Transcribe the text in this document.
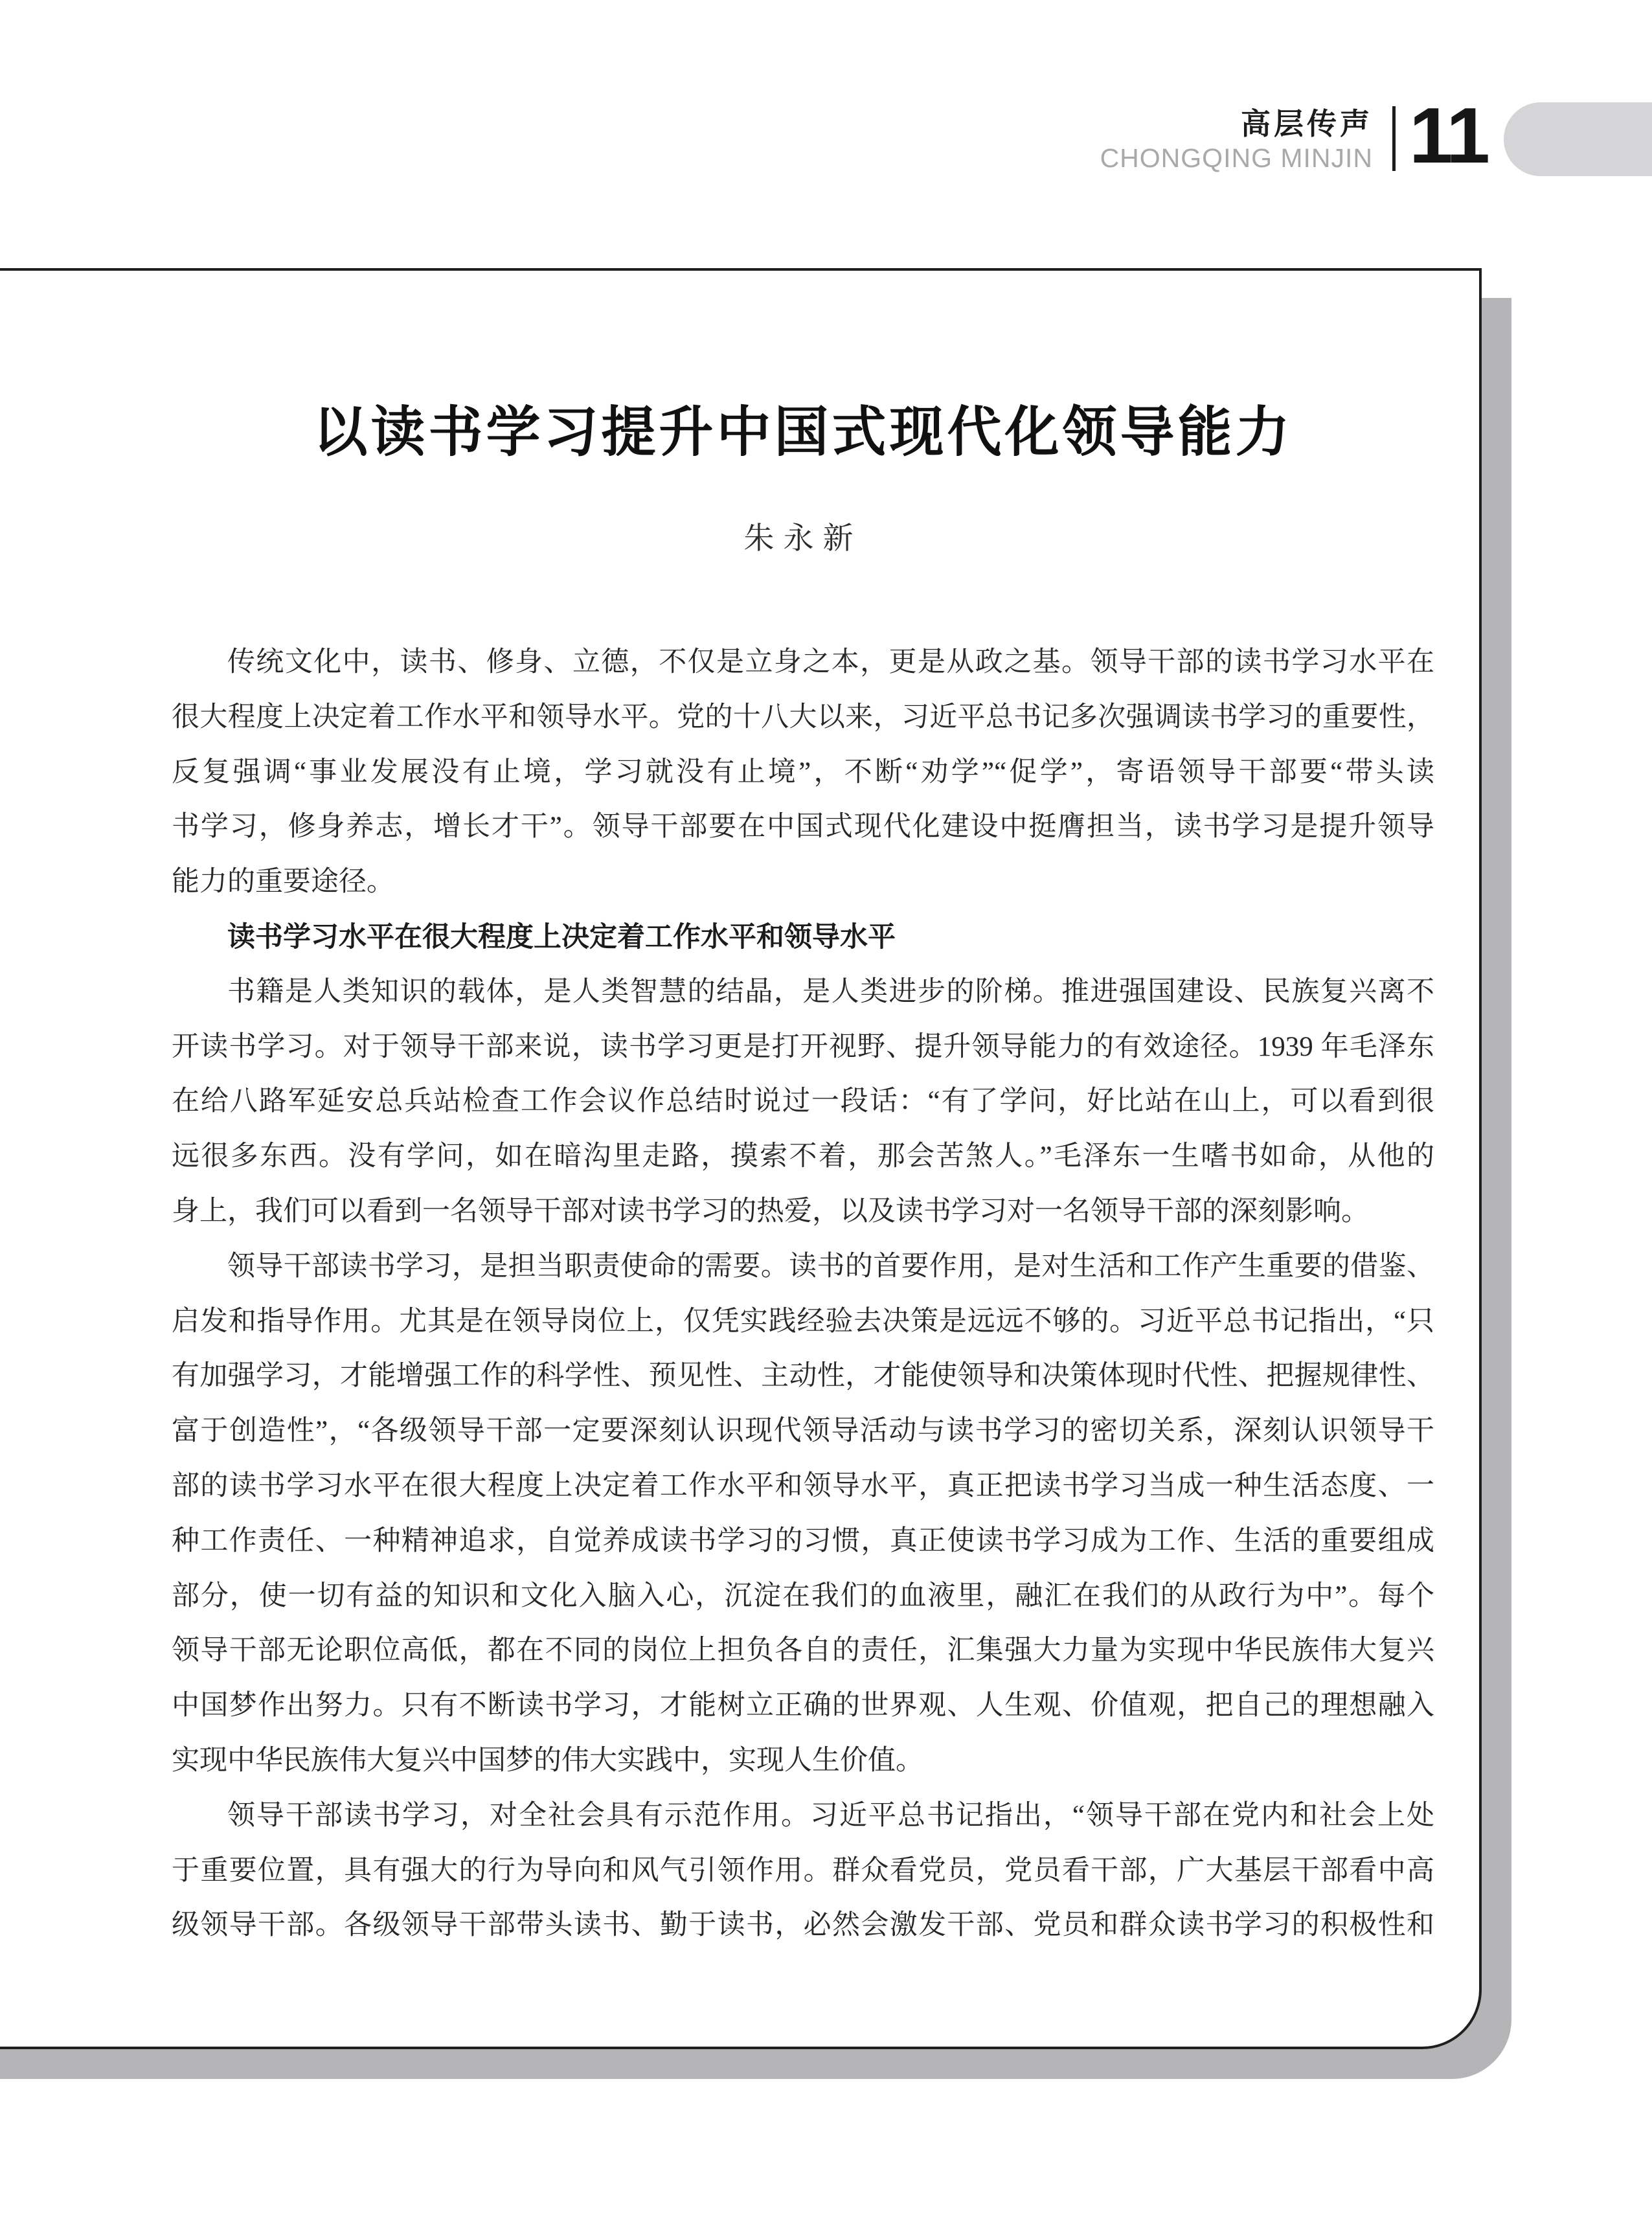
高层传声
CHONGQING MINJIN 11
以读书学习提升中国式现代化领导能力
朱永新
传统文化中，读书、修身、立德，不仅是立身之本，更是从政之基。领导干部的读书学习水平在
很大程度上决定着工作水平和领导水平。党的十八大以来，习近平总书记多次强调读书学习的重要性，
反复强调“事业发展没有止境，学习就没有止境”，不断“劝学”“促学”，寄语领导干部要“带头读
书学习，修身养志，增长才干”。领导干部要在中国式现代化建设中挺膺担当，读书学习是提升领导
能力的重要途径。
读书学习水平在很大程度上决定着工作水平和领导水平
书籍是人类知识的载体，是人类智慧的结晶，是人类进步的阶梯。推进强国建设、民族复兴离不
开读书学习。对于领导干部来说，读书学习更是打开视野、提升领导能力的有效途径。1939 年毛泽东
在给八路军延安总兵站检查工作会议作总结时说过一段话：“有了学问，好比站在山上，可以看到很
远很多东西。没有学问，如在暗沟里走路，摸索不着，那会苦煞人。”毛泽东一生嗜书如命，从他的
身上，我们可以看到一名领导干部对读书学习的热爱，以及读书学习对一名领导干部的深刻影响。
领导干部读书学习，是担当职责使命的需要。读书的首要作用，是对生活和工作产生重要的借鉴、
启发和指导作用。尤其是在领导岗位上，仅凭实践经验去决策是远远不够的。习近平总书记指出，“只
有加强学习，才能增强工作的科学性、预见性、主动性，才能使领导和决策体现时代性、把握规律性、
富于创造性”，“各级领导干部一定要深刻认识现代领导活动与读书学习的密切关系，深刻认识领导干
部的读书学习水平在很大程度上决定着工作水平和领导水平，真正把读书学习当成一种生活态度、一
种工作责任、一种精神追求，自觉养成读书学习的习惯，真正使读书学习成为工作、生活的重要组成
部分，使一切有益的知识和文化入脑入心，沉淀在我们的血液里，融汇在我们的从政行为中”。每个
领导干部无论职位高低，都在不同的岗位上担负各自的责任，汇集强大力量为实现中华民族伟大复兴
中国梦作出努力。只有不断读书学习，才能树立正确的世界观、人生观、价值观，把自己的理想融入
实现中华民族伟大复兴中国梦的伟大实践中，实现人生价值。
领导干部读书学习，对全社会具有示范作用。习近平总书记指出，“领导干部在党内和社会上处
于重要位置，具有强大的行为导向和风气引领作用。群众看党员，党员看干部，广大基层干部看中高
级领导干部。各级领导干部带头读书、勤于读书，必然会激发干部、党员和群众读书学习的积极性和
